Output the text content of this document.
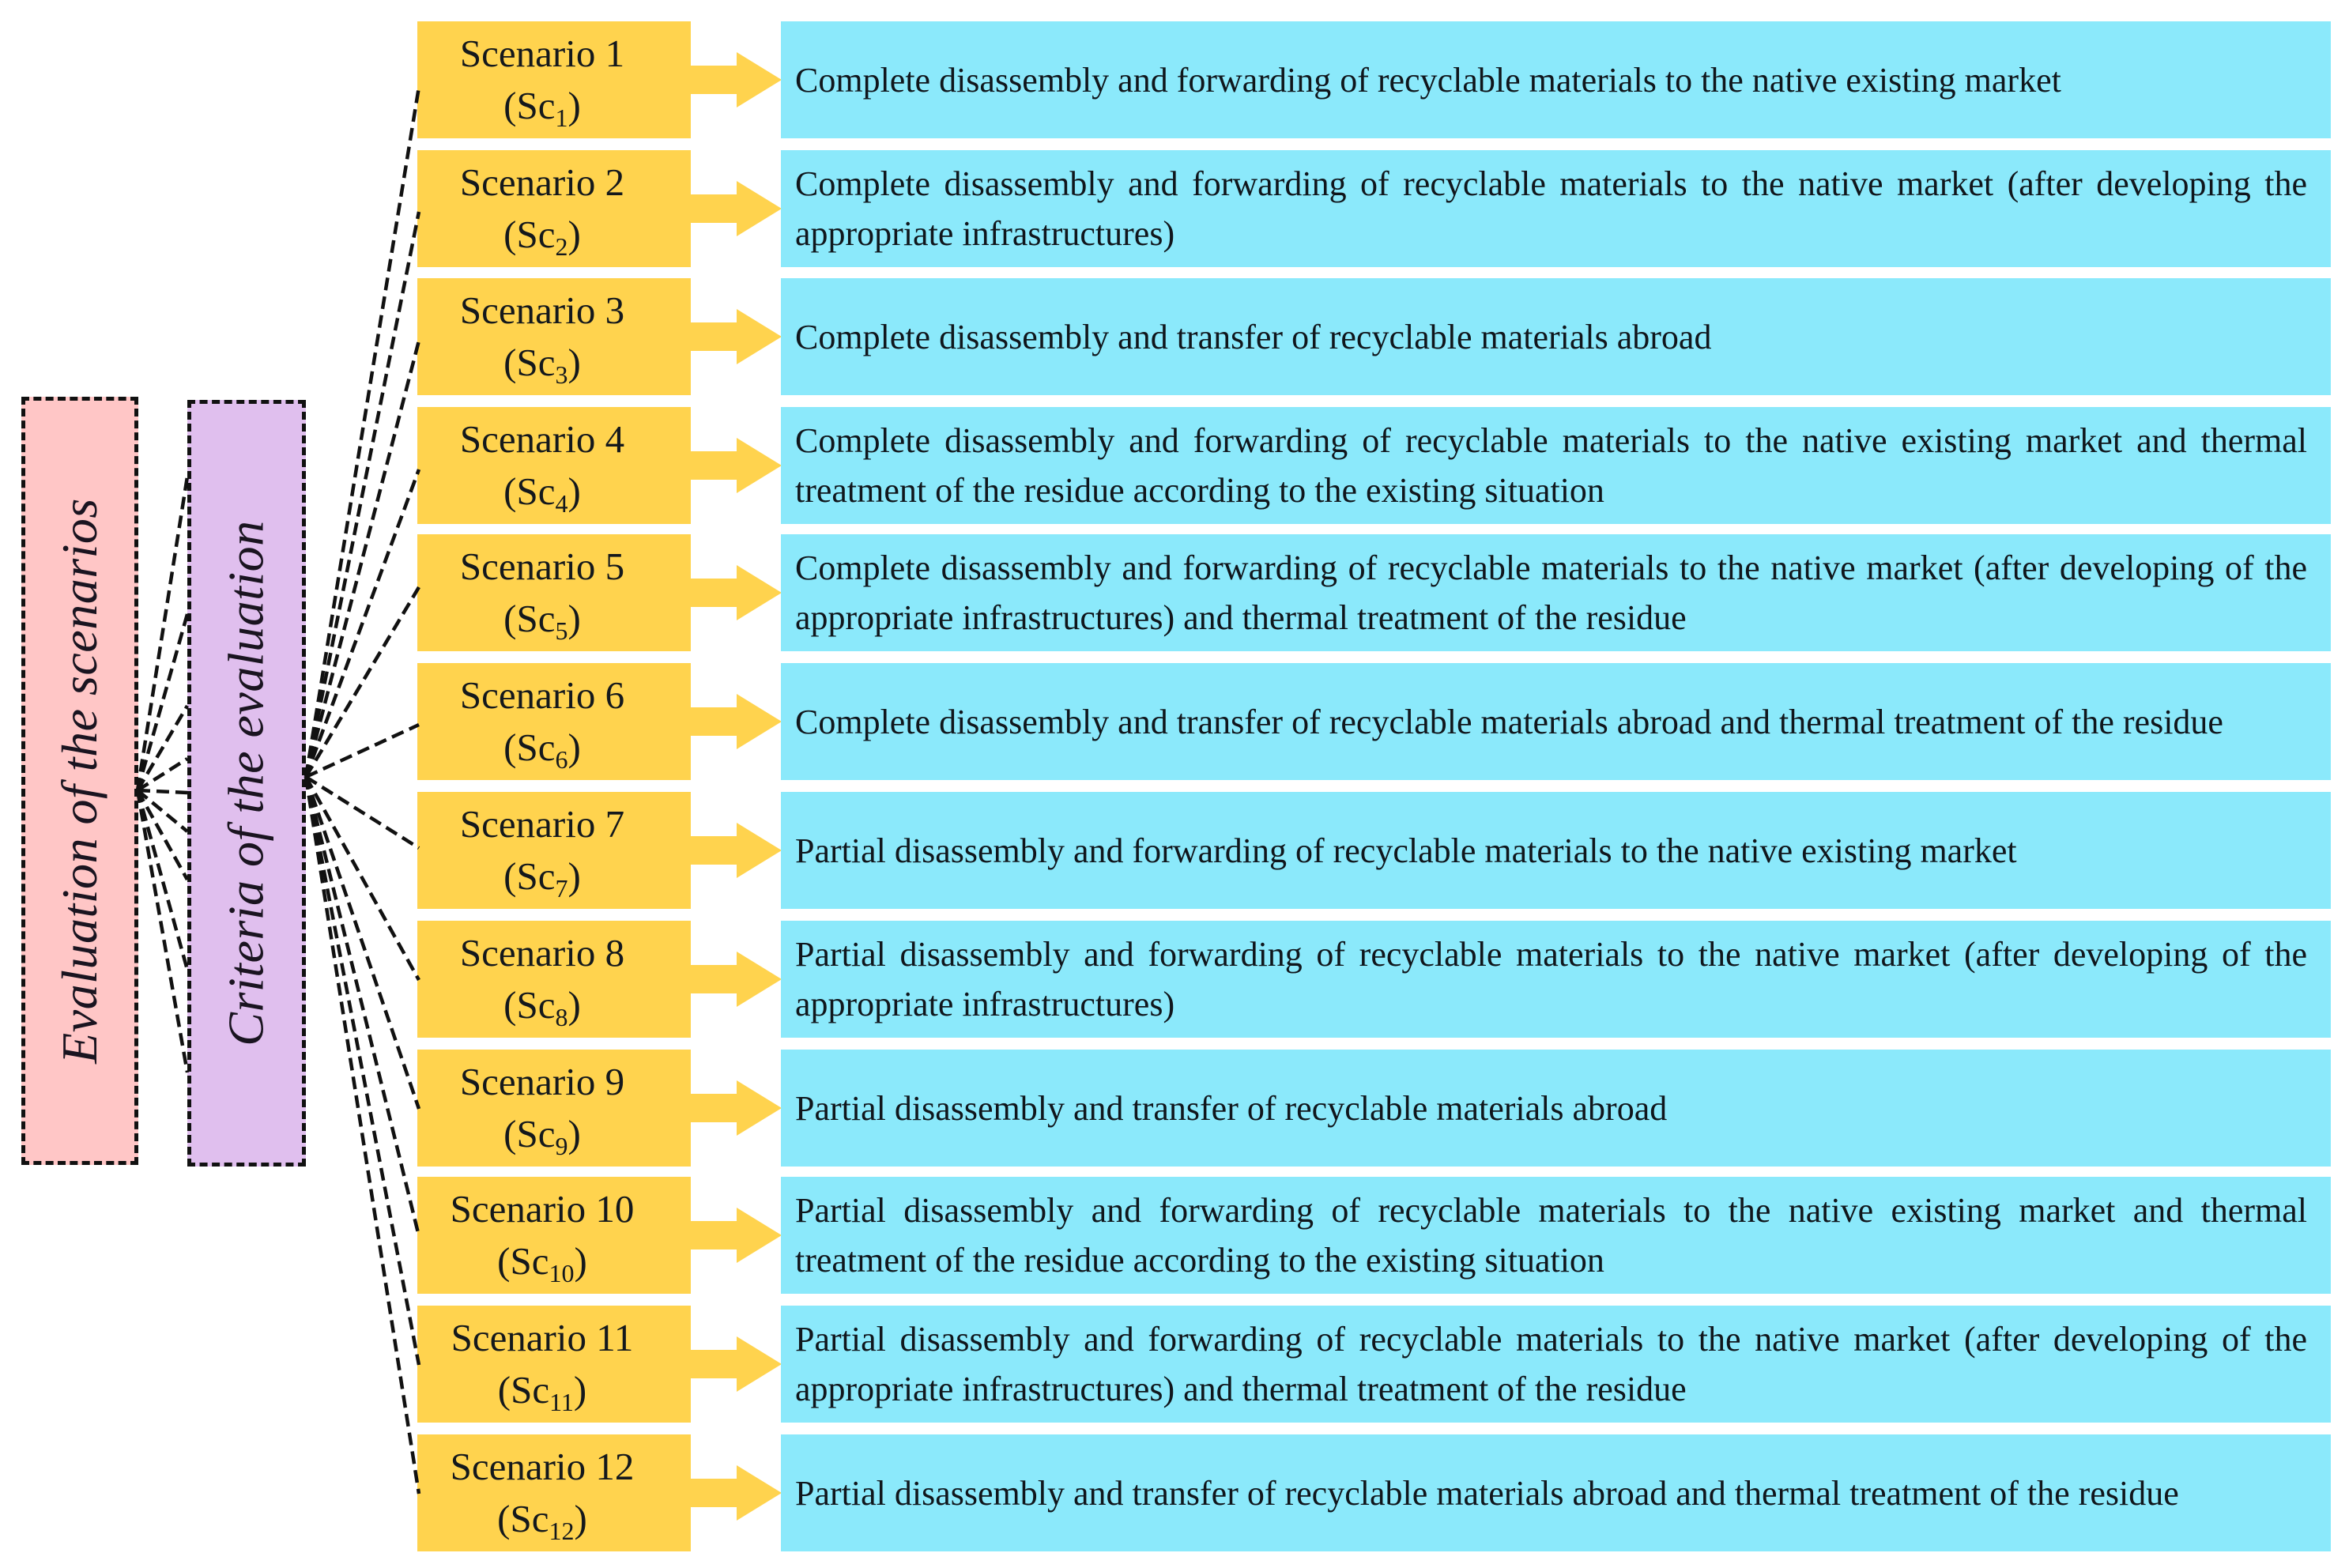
Evaluation of the scenarios Criteria of the evaluation
Scenario 1
$(Sc_1)$
Complete disassembly and forwarding of recyclable materials to the native existing market
Scenario 2
$(Sc_2)$
Complete disassembly and forwarding of recyclable materials to the native market (after developing the appropriate infrastructures)
Scenario 3
$(Sc_3)$
Complete disassembly and transfer of recyclable materials abroad
Scenario 4
$(Sc_4)$
Complete disassembly and forwarding of recyclable materials to the native existing market and thermal treatment of the residue according to the existing situation
Scenario 5
$(Sc_5)$
Complete disassembly and forwarding of recyclable materials to the native market (after developing of the appropriate infrastructures) and thermal treatment of the residue
Scenario 6
$(Sc_6)$
Complete disassembly and transfer of recyclable materials abroad and thermal treatment of the residue
Scenario 7
$(Sc_7)$
Partial disassembly and forwarding of recyclable materials to the native existing market
Scenario 8
$(Sc_8)$
Partial disassembly and forwarding of recyclable materials to the native market (after developing of the appropriate infrastructures)
Scenario 9
$(Sc_9)$
Partial disassembly and transfer of recyclable materials abroad
Scenario 10
$(Sc_{10})$
Partial disassembly and forwarding of recyclable materials to the native existing market and thermal treatment of the residue according to the existing situation
Scenario 11
$(Sc_{11})$
Partial disassembly and forwarding of recyclable materials to the native market (after developing of the appropriate infrastructures) and thermal treatment of the residue
Scenario 12
$(Sc_{12})$
Partial disassembly and transfer of recyclable materials abroad and thermal treatment of the residue
